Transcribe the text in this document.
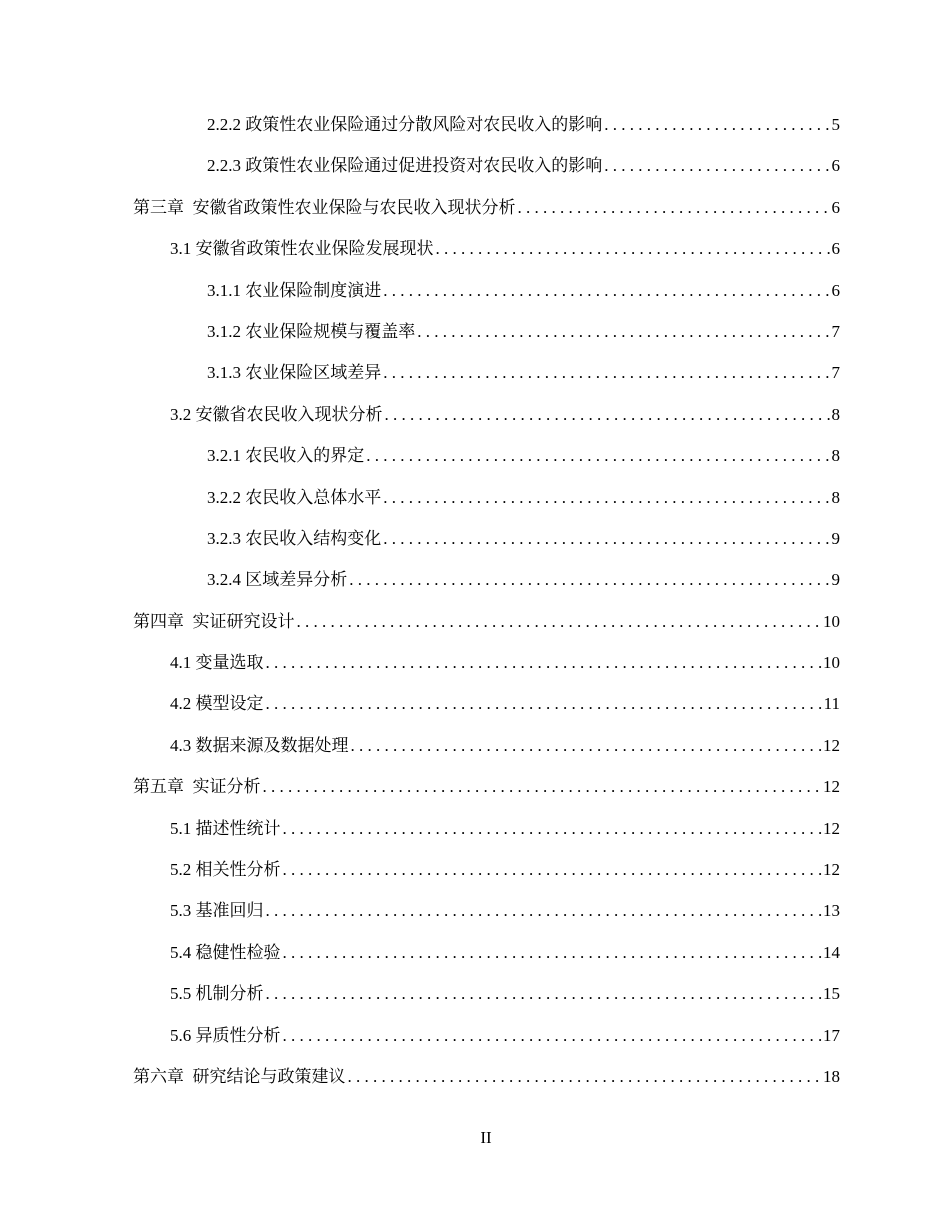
2.2.2 政策性农业保险通过分散风险对农民收入的影响 . . .	5
2.2.3 政策性农业保险通过促进投资对农民收入的影响 . . .	6
第三章  安徽省政策性农业保险与农民收入现状分析 . . .	6
3.1 安徽省政策性农业保险发展现状 . . .	6
3.1.1 农业保险制度演进 . . .	6
3.1.2 农业保险规模与覆盖率 . . .	7
3.1.3 农业保险区域差异 . . .	7
3.2 安徽省农民收入现状分析 . . .	8
3.2.1 农民收入的界定 . . .	8
3.2.2 农民收入总体水平 . . .	8
3.2.3 农民收入结构变化 . . .	9
3.2.4 区域差异分析 . . .	9
第四章  实证研究设计 . . .	10
4.1 变量选取 . . .	10
4.2 模型设定 . . .	11
4.3 数据来源及数据处理 . . .	12
第五章  实证分析 . . .	12
5.1 描述性统计 . . .	12
5.2 相关性分析 . . .	12
5.3 基准回归 . . .	13
5.4 稳健性检验 . . .	14
5.5 机制分析 . . .	15
5.6 异质性分析 . . .	17
第六章  研究结论与政策建议 . . .	18
II
